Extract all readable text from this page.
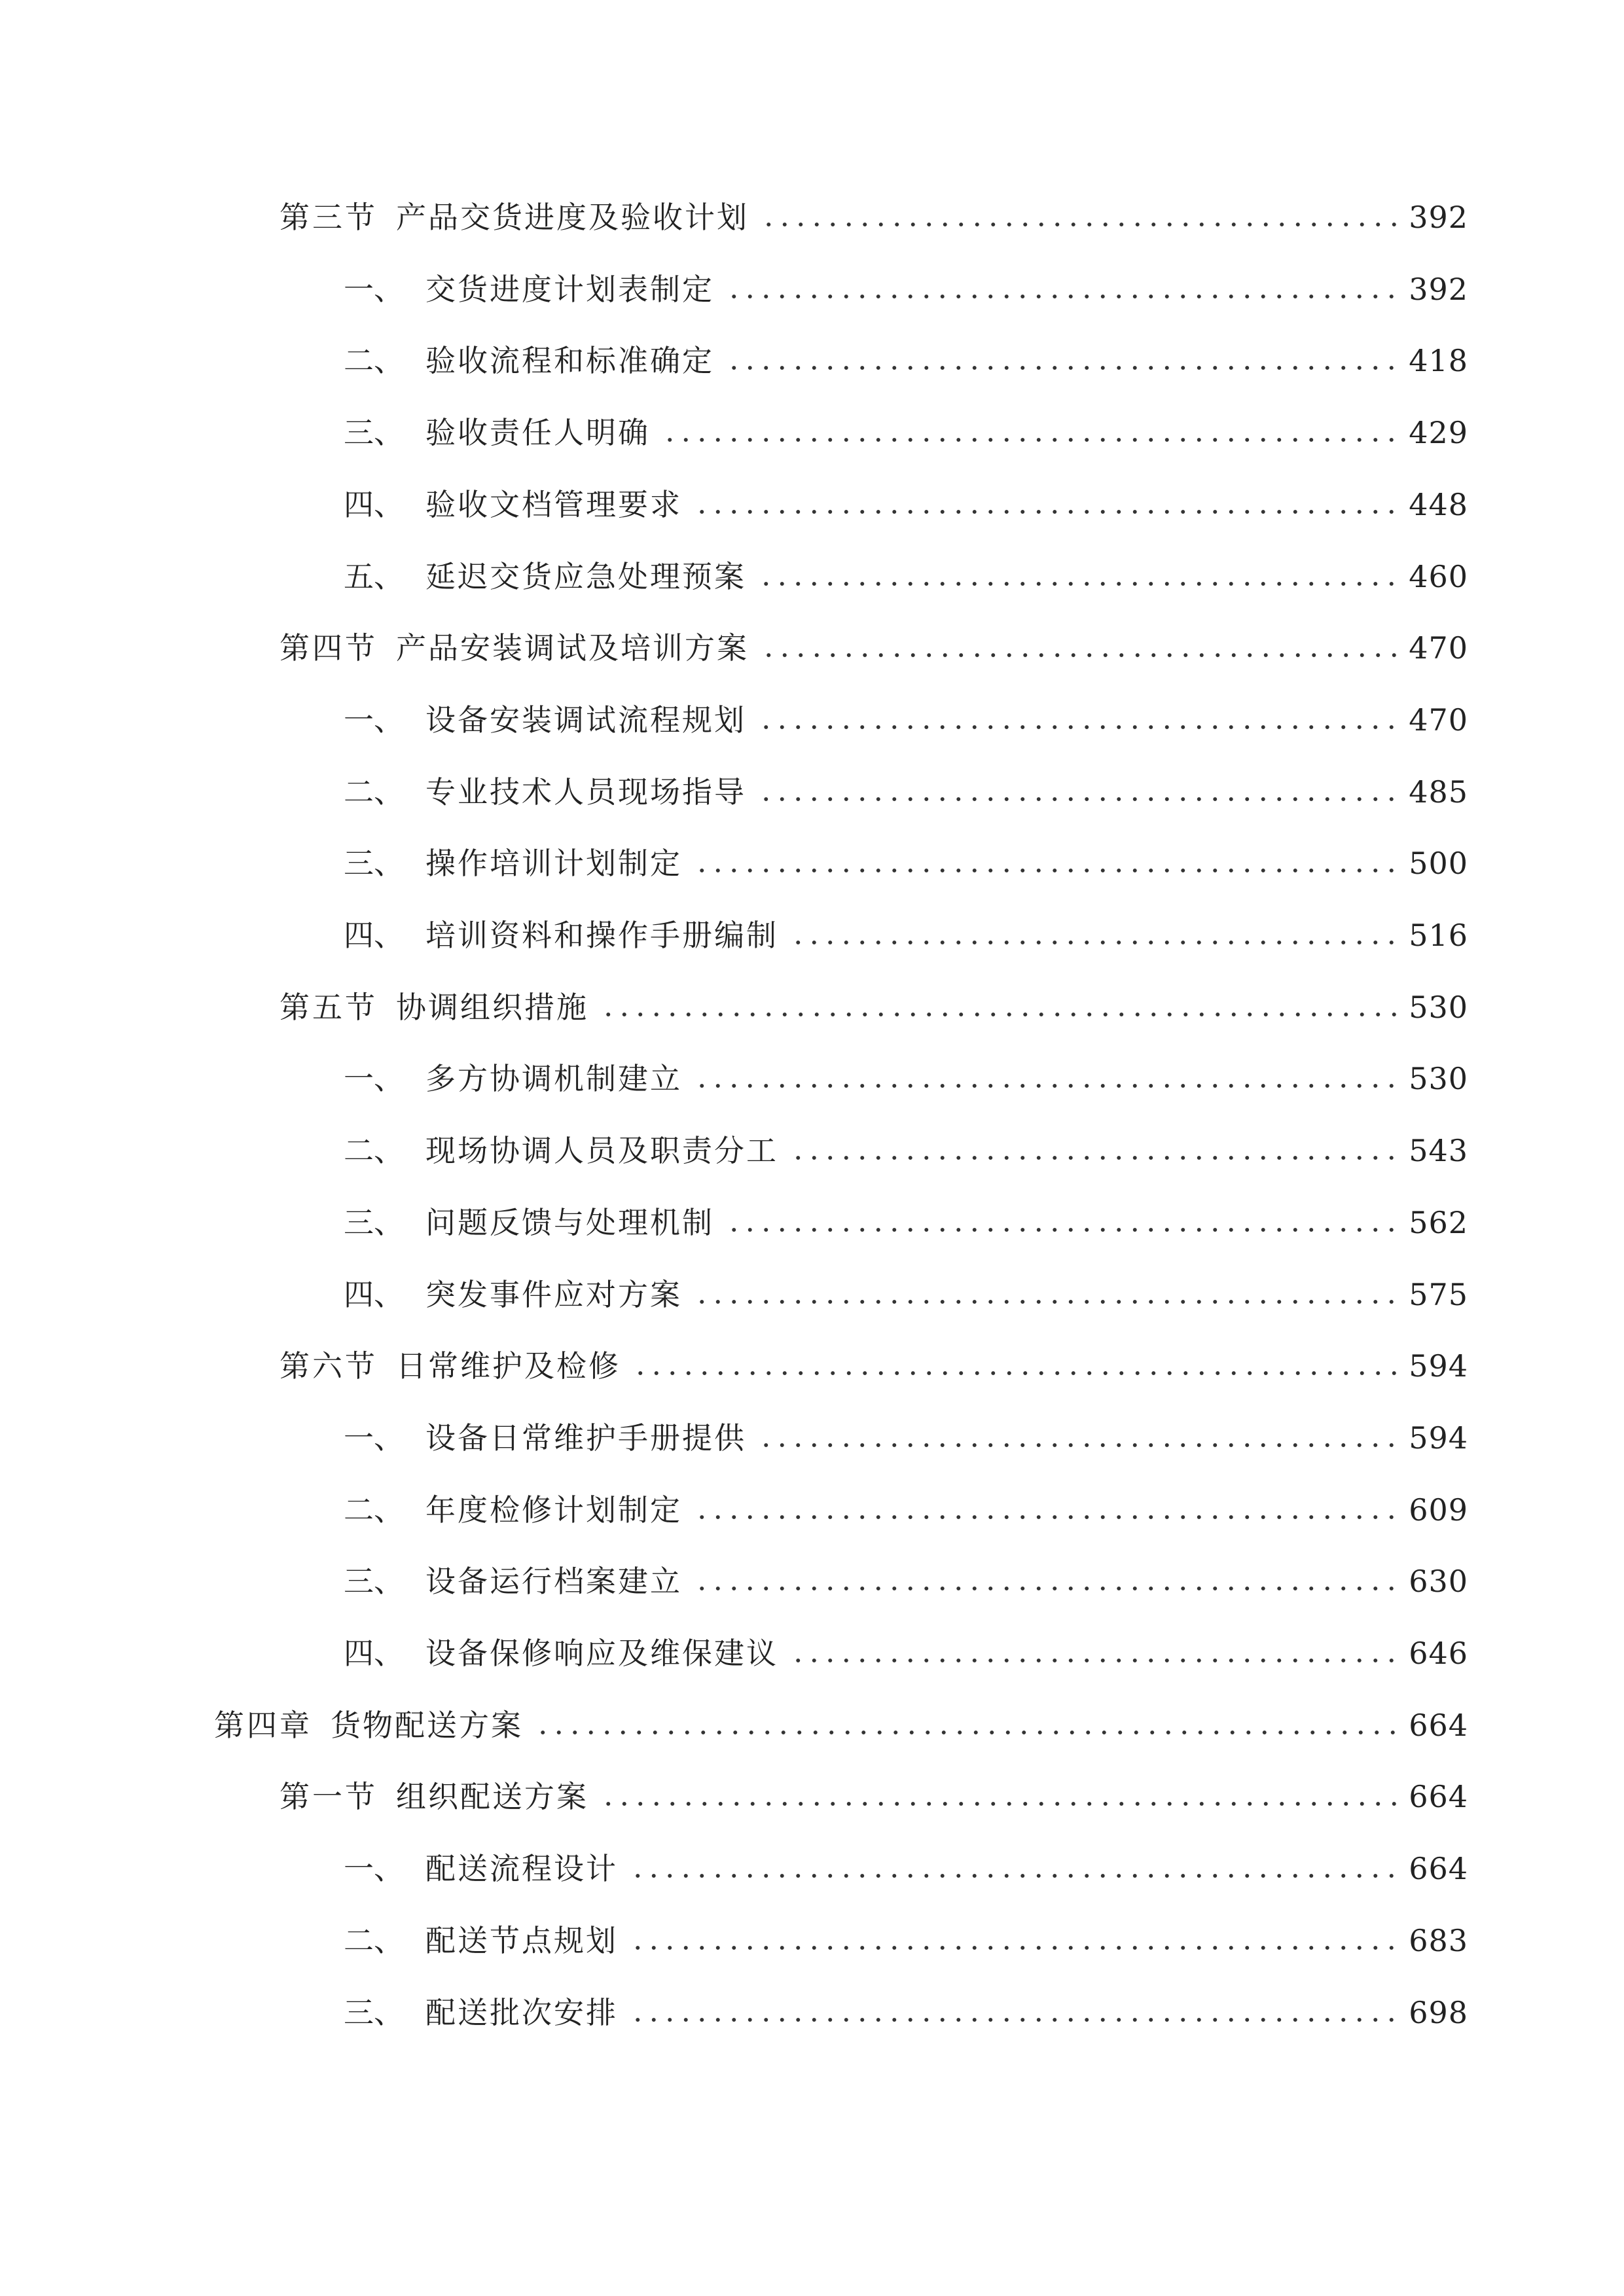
第三节 产品交货进度及验收计划	392
一、 交货进度计划表制定	392
二、 验收流程和标准确定	418
三、 验收责任人明确	429
四、 验收文档管理要求	448
五、 延迟交货应急处理预案	460
第四节 产品安装调试及培训方案	470
一、 设备安装调试流程规划	470
二、 专业技术人员现场指导	485
三、 操作培训计划制定	500
四、 培训资料和操作手册编制	516
第五节 协调组织措施	530
一、 多方协调机制建立	530
二、 现场协调人员及职责分工	543
三、 问题反馈与处理机制	562
四、 突发事件应对方案	575
第六节 日常维护及检修	594
一、 设备日常维护手册提供	594
二、 年度检修计划制定	609
三、 设备运行档案建立	630
四、 设备保修响应及维保建议	646
第四章 货物配送方案	664
第一节 组织配送方案	664
一、 配送流程设计	664
二、 配送节点规划	683
三、 配送批次安排	698
